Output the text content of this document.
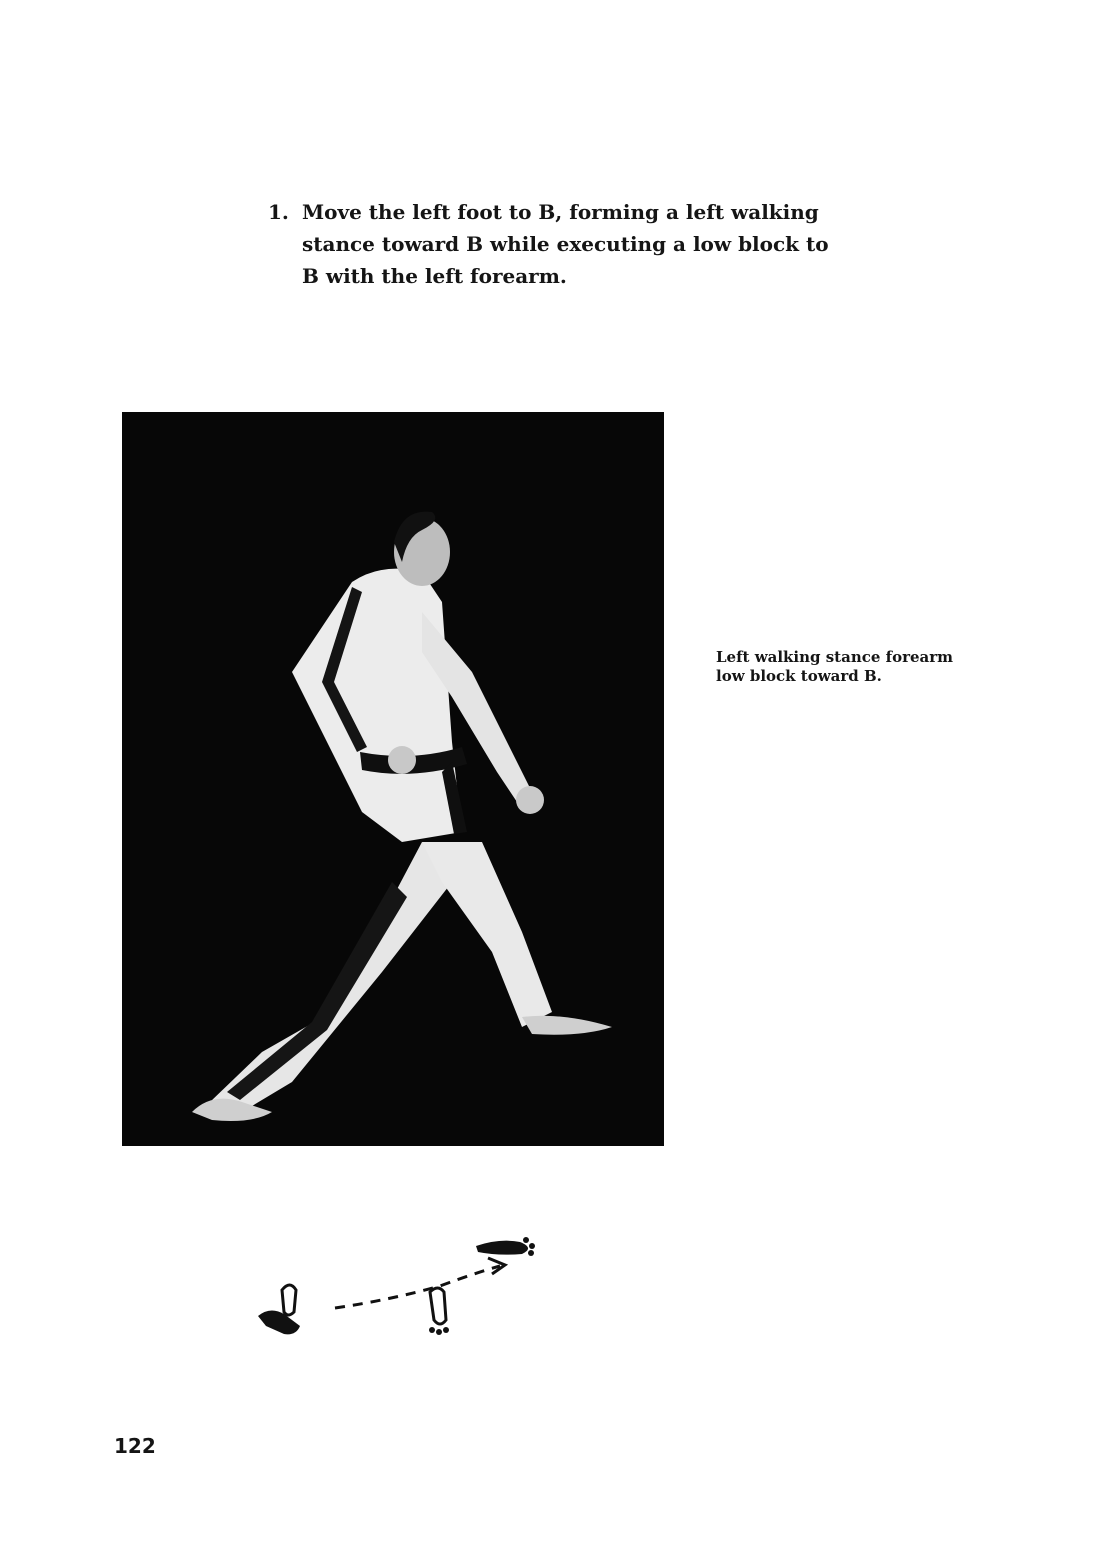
1. Move the left foot to B, forming a left walking
stance toward B while executing a low block to
B with the left forearm.
Left walking stance forearm
low block toward B.
122
